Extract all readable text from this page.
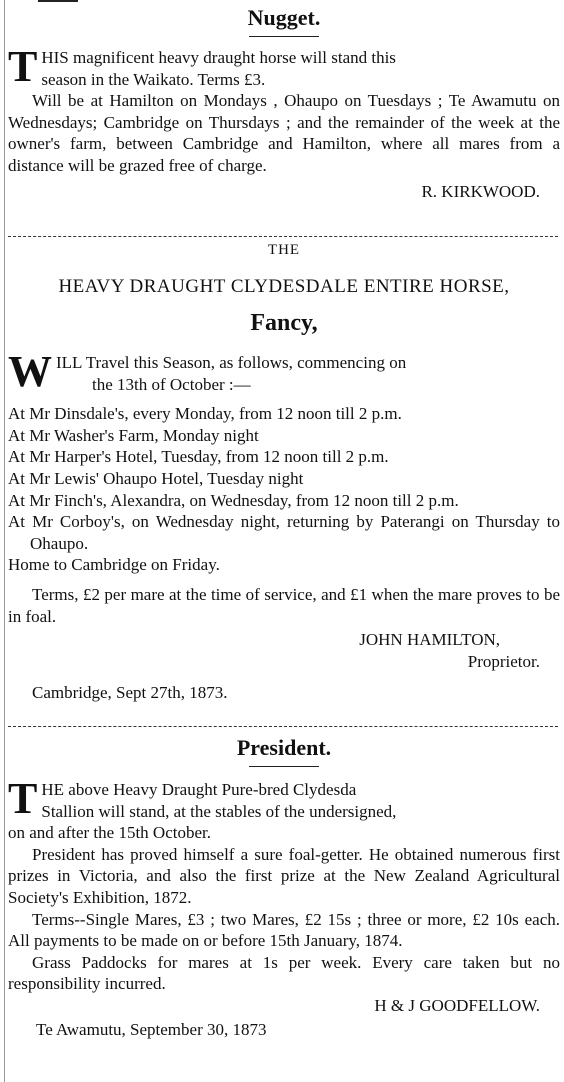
Nugget.
T HIS magnificent heavy draught horse will stand this
season in the Waikato. Terms £3.

Will be at Hamilton on Mondays , Ohaupo on Tuesdays ; Te Awamutu on Wednesdays; Cambridge on Thursdays ; and the remainder of the week at the owner's farm, between Cambridge and Hamilton, where all mares from a distance will be grazed free of charge.

R. KIRKWOOD.
THE
HEAVY DRAUGHT CLYDESDALE ENTIRE HORSE,
Fancy,
W ILL Travel this Season, as follows, commencing on
the 13th of October :—

At Mr Dinsdale's, every Monday, from 12 noon till 2 p.m.

At Mr Washer's Farm, Monday night

At Mr Harper's Hotel, Tuesday, from 12 noon till 2 p.m.

At Mr Lewis' Ohaupo Hotel, Tuesday night

At Mr Finch's, Alexandra, on Wednesday, from 12 noon till 2 p.m.

At Mr Corboy's, on Wednesday night, returning by Paterangi on Thursday to Ohaupo.

Home to Cambridge on Friday.

Terms, £2 per mare at the time of service, and £1 when the mare proves to be in foal.

JOHN HAMILTON,
Proprietor.
Cambridge, Sept 27th, 1873.
President.
T HE above Heavy Draught Pure-bred Clydesda
Stallion will stand, at the stables of the undersigned,
on and after the 15th October.

President has proved himself a sure foal-getter. He obtained numerous first prizes in Victoria, and also the first prize at the New Zealand Agricultural Society's Exhibition, 1872.

Terms--Single Mares, £3 ; two Mares, £2 15s ; three or more, £2 10s each. All payments to be made on or before 15th January, 1874.

Grass Paddocks for mares at 1s per week. Every care taken but no responsibility incurred.

H & J GOODFELLOW.
Te Awamutu, September 30, 1873
